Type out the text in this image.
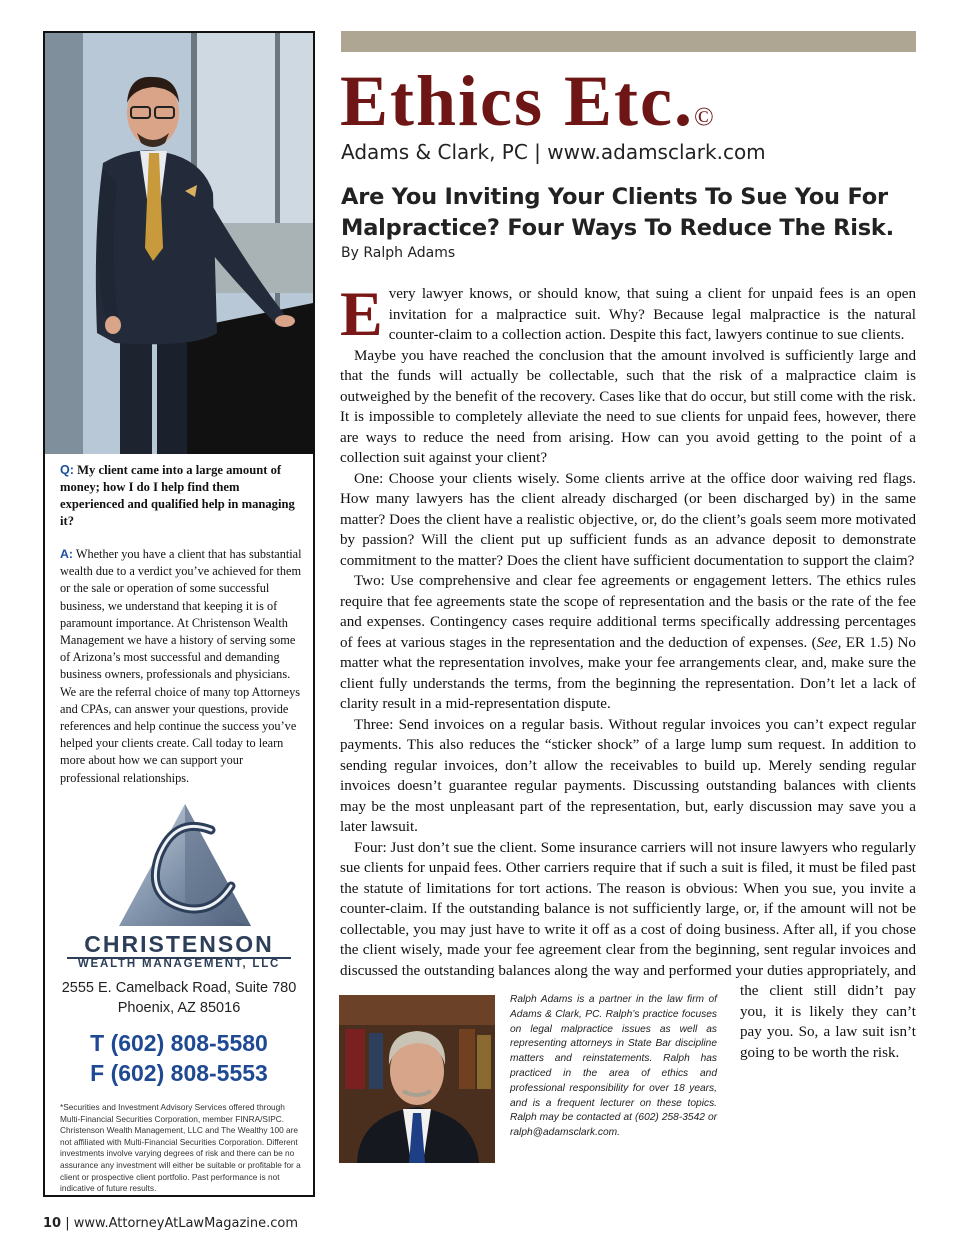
Q: My client came into a large amount of money; how I do I help find them experienced and qualified help in managing it?

A: Whether you have a client that has substantial wealth due to a verdict you’ve achieved for them or the sale or operation of some successful business, we understand that keeping it is of paramount importance. At Christenson Wealth Management we have a history of serving some of Arizona’s most successful and demanding business owners, professionals and physicians. We are the referral choice of many top Attorneys and CPAs, can answer your questions, provide references and help continue the success you’ve helped your clients create. Call today to learn more about how we can support your professional relationships.

CHRISTENSON
WEALTH MANAGEMENT, LLC
2555 E. Camelback Road, Suite 780
Phoenix, AZ 85016
T (602) 808-5580
F (602) 808-5553

*Securities and Investment Advisory Services offered through Multi-Financial Securities Corporation, member FINRA/SIPC. Christenson Wealth Management, LLC and The Wealthy 100 are not affiliated with Multi-Financial Securities Corporation. Different investments involve varying degrees of risk and there can be no assurance any investment will either be suitable or profitable for a client or prospective client portfolio. Past performance is not indicative of future results.

Ethics Etc.©
Adams & Clark, PC | www.adamsclark.com
Are You Inviting Your Clients To Sue You For Malpractice? Four Ways To Reduce The Risk.
By Ralph Adams

Every lawyer knows, or should know, that suing a client for unpaid fees is an open invitation for a malpractice suit. Why? Because legal malpractice is the natural counter-claim to a collection action. Despite this fact, lawyers continue to sue clients.

Maybe you have reached the conclusion that the amount involved is sufficiently large and that the funds will actually be collectable, such that the risk of a malpractice claim is outweighed by the benefit of the recovery. Cases like that do occur, but still come with the risk. It is impossible to completely alleviate the need to sue clients for unpaid fees, however, there are ways to reduce the need from arising. How can you avoid getting to the point of a collection suit against your client?

One: Choose your clients wisely. Some clients arrive at the office door waiving red flags. How many lawyers has the client already discharged (or been discharged by) in the same matter? Does the client have a realistic objective, or, do the client’s goals seem more motivated by passion? Will the client put up sufficient funds as an advance deposit to demonstrate commitment to the matter? Does the client have sufficient documentation to support the claim?

Two: Use comprehensive and clear fee agreements or engagement letters. The ethics rules require that fee agreements state the scope of representation and the basis or the rate of the fee and expenses. Contingency cases require additional terms specifically addressing percentages of fees at various stages in the representation and the deduction of expenses. (See, ER 1.5) No matter what the representation involves, make your fee arrangements clear, and, make sure the client fully understands the terms, from the beginning the representation. Don’t let a lack of clarity result in a mid-representation dispute.

Three: Send invoices on a regular basis. Without regular invoices you can’t expect regular payments. This also reduces the “sticker shock” of a large lump sum request. In addition to sending regular invoices, don’t allow the receivables to build up. Merely sending regular invoices doesn’t guarantee regular payments. Discussing outstanding balances with clients may be the most unpleasant part of the representation, but, early discussion may save you a later lawsuit.

Four: Just don’t sue the client. Some insurance carriers will not insure lawyers who regularly sue clients for unpaid fees. Other carriers require that if such a suit is filed, it must be filed past the statute of limitations for tort actions. The reason is obvious: When you sue, you invite a counter-claim. If the outstanding balance is not sufficiently large, or, if the amount will not be collectable, you may just have to write it off as a cost of doing business. After all, if you chose the client wisely, made your fee agreement clear from the beginning, sent regular invoices and discussed the outstanding balances along the way and performed your duties appropriately, and
the client still didn’t pay you, it is likely they can’t pay you. So, a law suit isn’t going to be worth the risk.

Ralph Adams is a partner in the law firm of Adams & Clark, PC. Ralph’s practice focuses on legal malpractice issues as well as representing attorneys in State Bar discipline matters and reinstatements. Ralph has practiced in the area of ethics and professional responsibility for over 18 years, and is a frequent lecturer on these topics. Ralph may be contacted at (602) 258-3542 or ralph@adamsclark.com.

10 | www.AttorneyAtLawMagazine.com
